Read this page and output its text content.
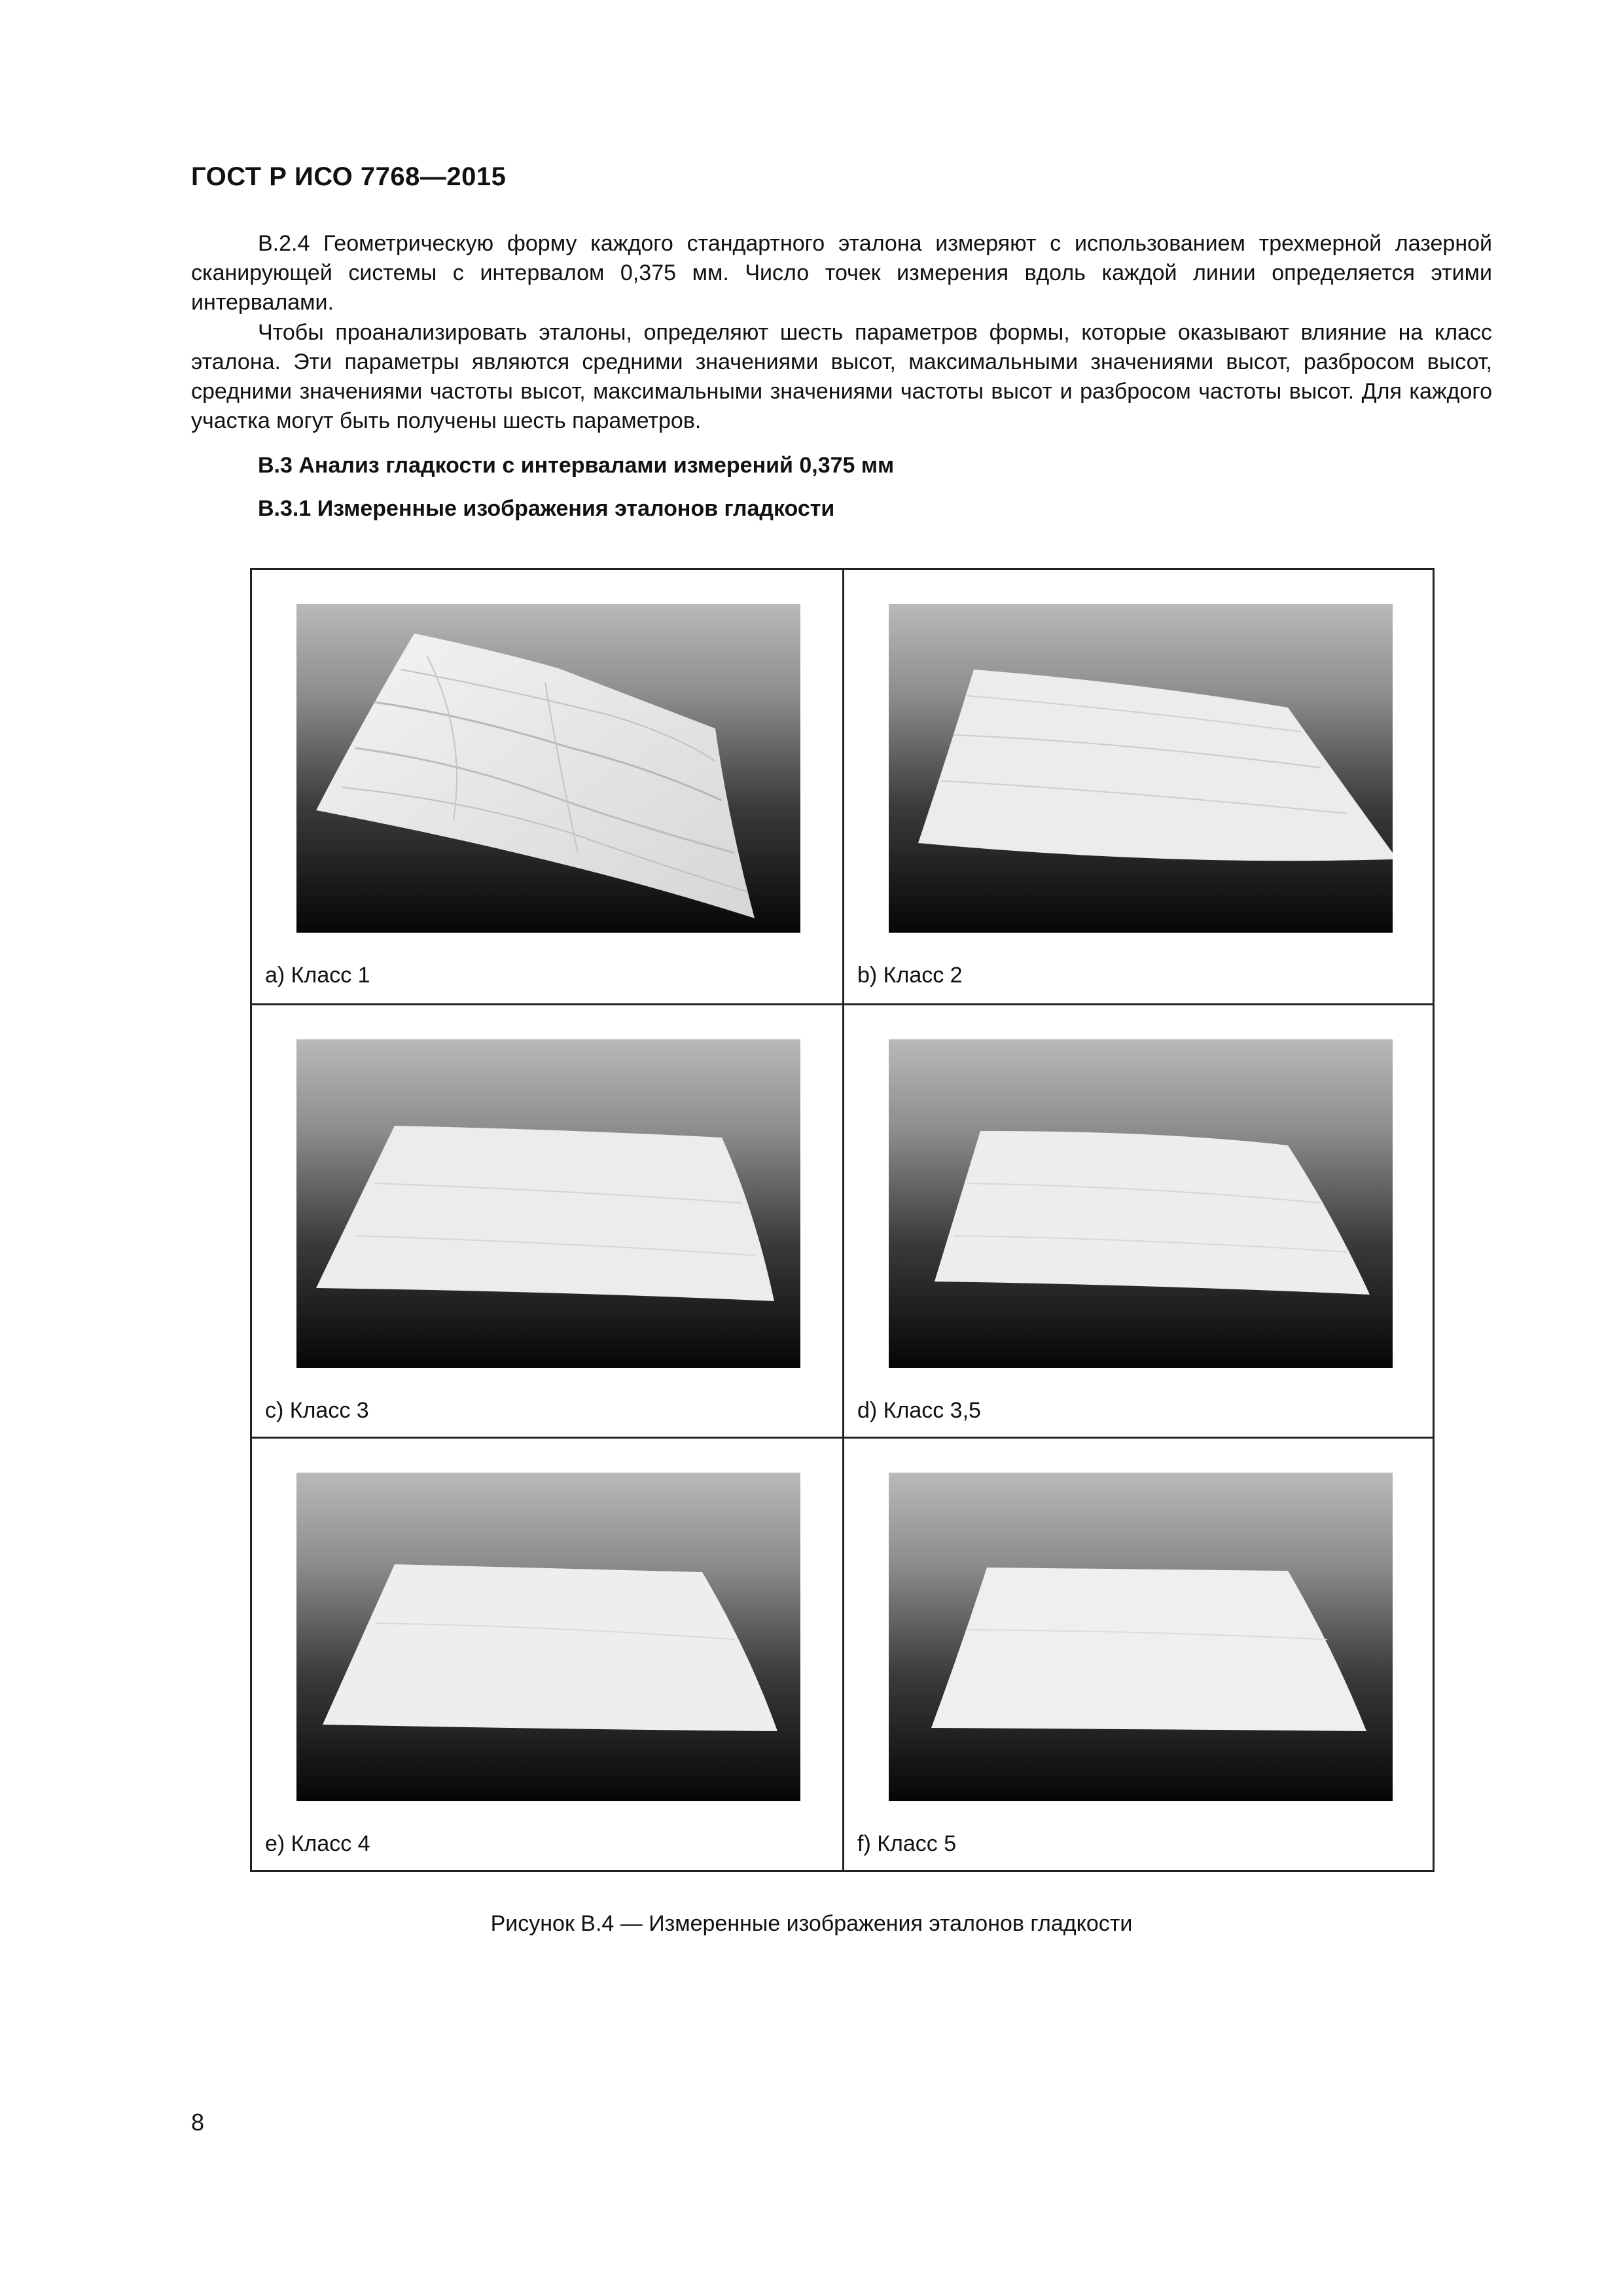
ГОСТ Р ИСО 7768—2015

В.2.4 Геометрическую форму каждого стандартного эталона измеряют с использованием трехмерной лазерной сканирующей системы с интервалом 0,375 мм. Число точек измерения вдоль каждой линии определяется этими интервалами.

Чтобы проанализировать эталоны, определяют шесть параметров формы, которые оказывают влияние на класс эталона. Эти параметры являются средними значениями высот, максимальными значениями высот, разбросом высот, средними значениями частоты высот, максимальными значениями частоты высот и разбросом частоты высот. Для каждого участка могут быть получены шесть параметров.

В.3 Анализ гладкости с интервалами измерений 0,375 мм
В.3.1 Измеренные изображения эталонов гладкости
a) Класс 1	b) Класс 2
c) Класс 3	d) Класс 3,5
e) Класс 4	f) Класс 5
Рисунок В.4 — Измеренные изображения эталонов гладкости
8
